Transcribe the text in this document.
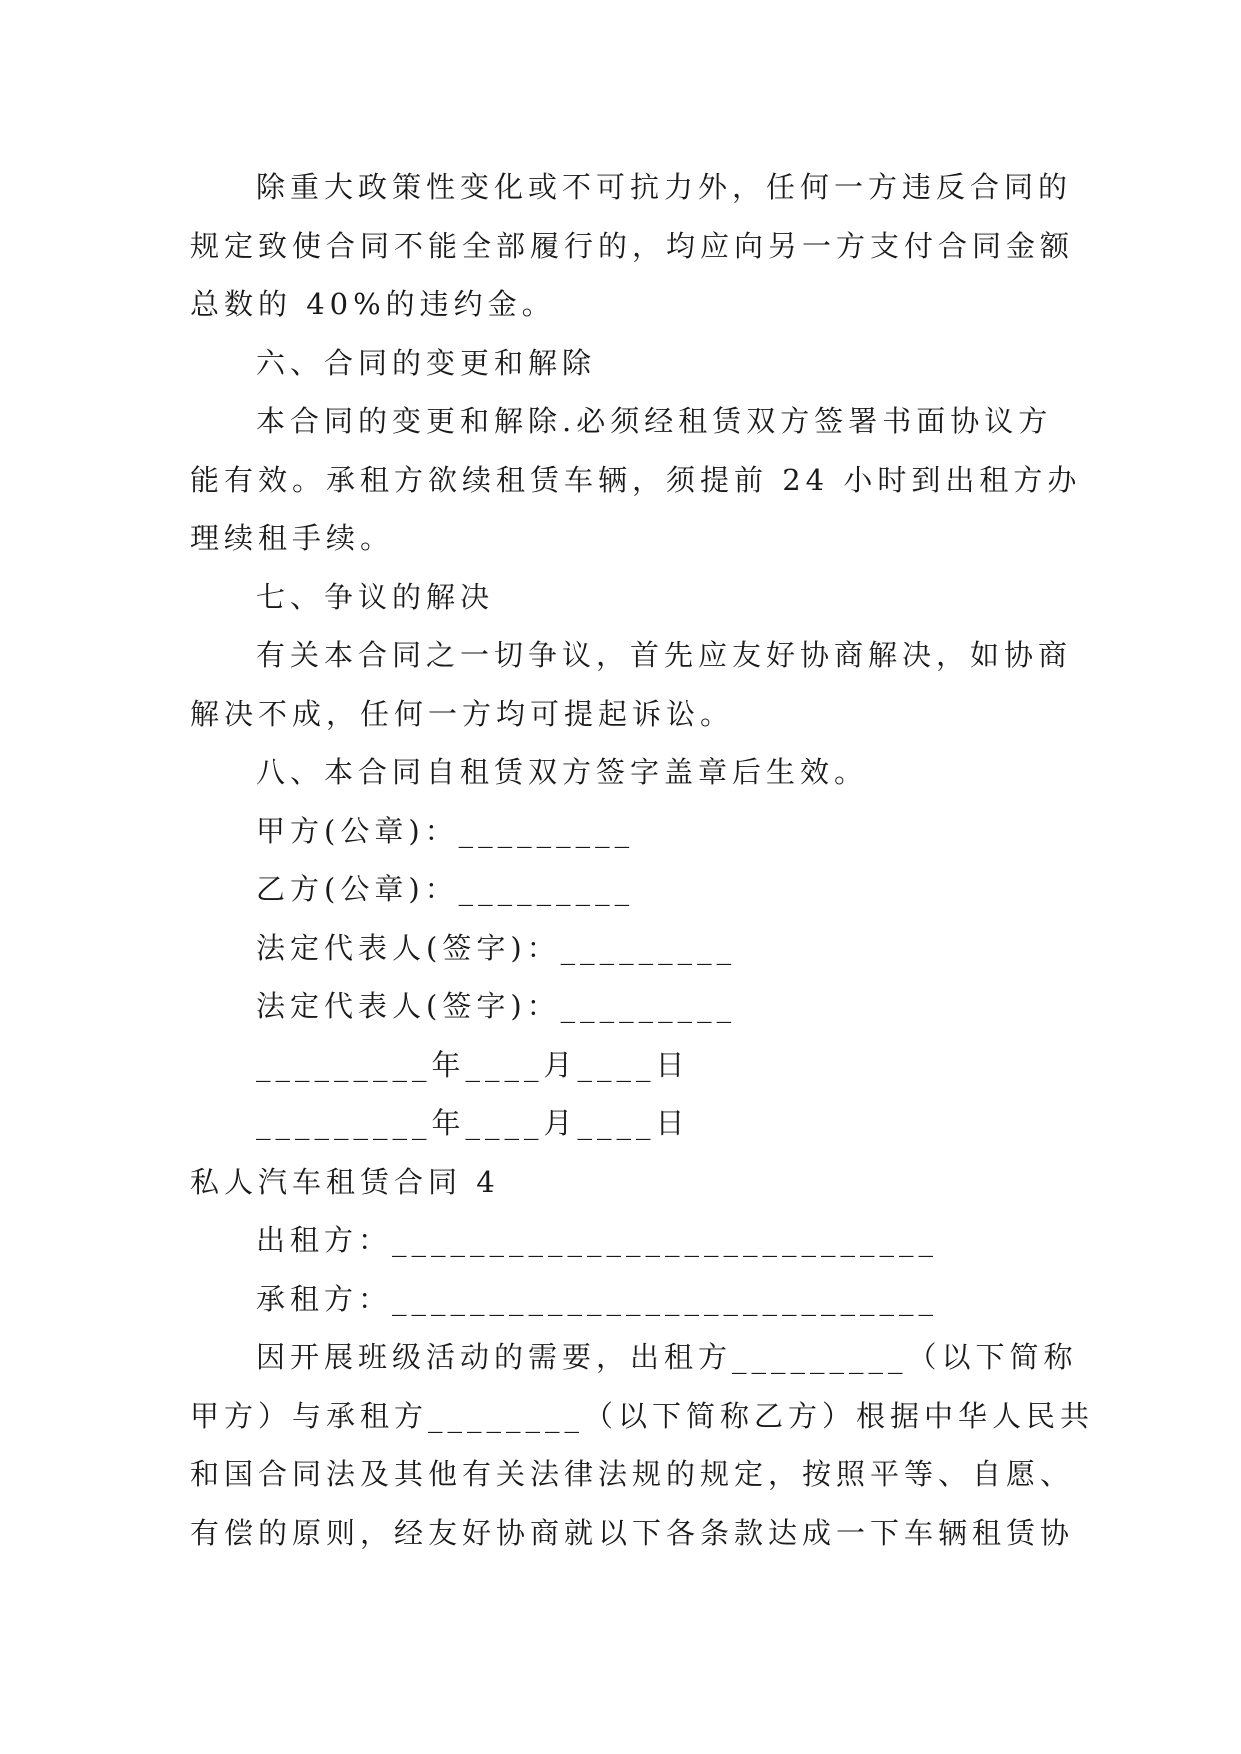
除重大政策性变化或不可抗力外，任何一方违反合同的
规定致使合同不能全部履行的，均应向另一方支付合同金额
总数的 40%的违约金。
六、合同的变更和解除
本合同的变更和解除.必须经租赁双方签署书面协议方
能有效。承租方欲续租赁车辆，须提前 24 小时到出租方办
理续租手续。
七、争议的解决
有关本合同之一切争议，首先应友好协商解决，如协商
解决不成，任何一方均可提起诉讼。
八、本合同自租赁双方签字盖章后生效。
甲方(公章)：_________
乙方(公章)：_________
法定代表人(签字)：_________
法定代表人(签字)：_________
_________年____月____日
_________年____月____日
私人汽车租赁合同 4
出租方：____________________________
承租方：____________________________
因开展班级活动的需要，出租方_________（以下简称
甲方）与承租方________（以下简称乙方）根据中华人民共
和国合同法及其他有关法律法规的规定，按照平等、自愿、
有偿的原则，经友好协商就以下各条款达成一下车辆租赁协
